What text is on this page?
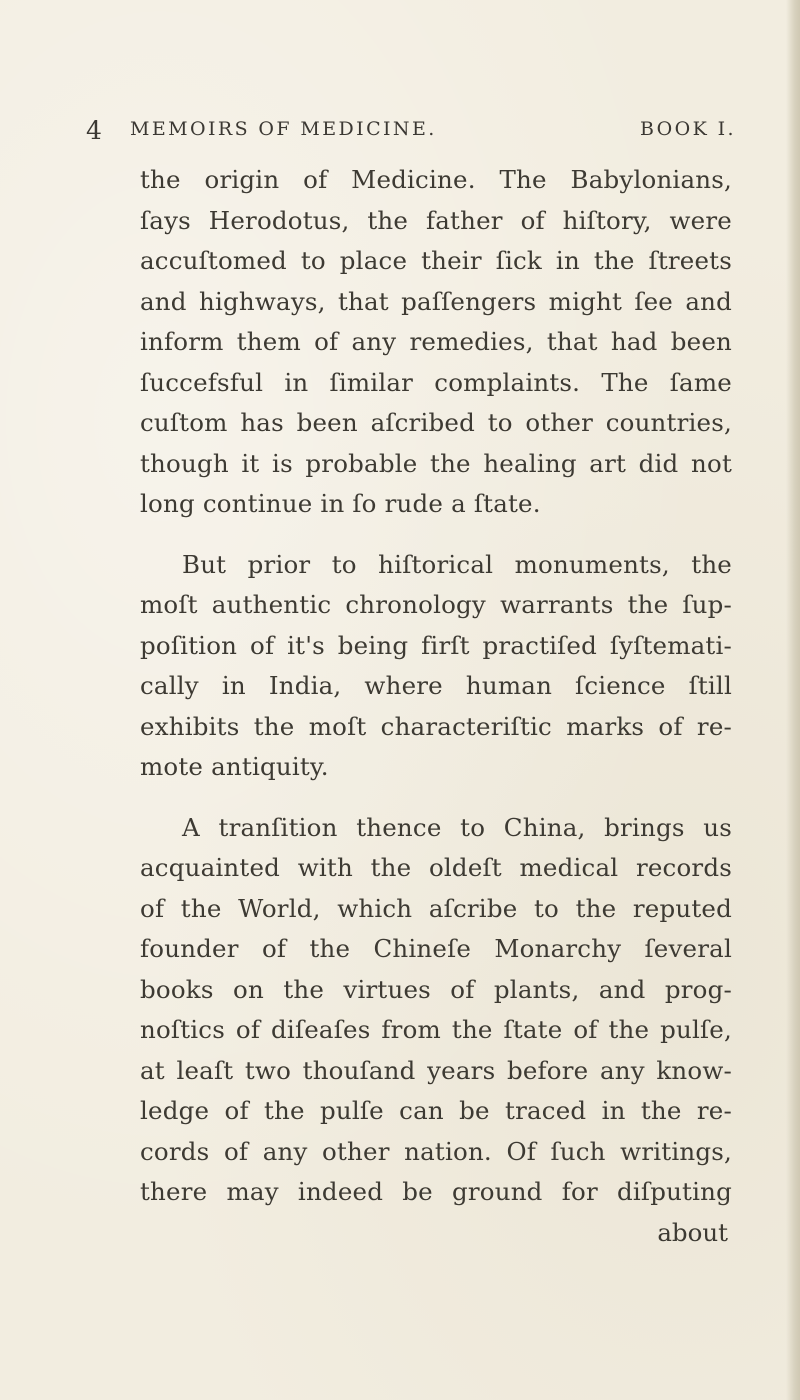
4 MEMOIRS OF MEDICINE.	BOOK I.
the origin of Medicine. The Babylonians,
ſays Herodotus, the father of hiſtory, were
accuſtomed to place their ſick in the ſtreets
and highways, that paſſengers might ſee and
inform them of any remedies, that had been
ſuccefsful in ſimilar complaints. The ſame
cuſtom has been aſcribed to other countries,
though it is probable the healing art did not
long continue in ſo rude a ſtate.
But prior to hiſtorical monuments, the
moſt authentic chronology warrants the ſup-
poſition of it's being firſt practiſed ſyſtemati-
cally in India, where human ſcience ſtill
exhibits the moſt characteriſtic marks of re-
mote antiquity.
A tranſition thence to China, brings us
acquainted with the oldeſt medical records
of the World, which aſcribe to the reputed
founder of the Chineſe Monarchy ſeveral
books on the virtues of plants, and prog-
noſtics of diſeaſes from the ſtate of the pulſe,
at leaſt two thouſand years before any know-
ledge of the pulſe can be traced in the re-
cords of any other nation. Of ſuch writings,
there may indeed be ground for diſputing
about
